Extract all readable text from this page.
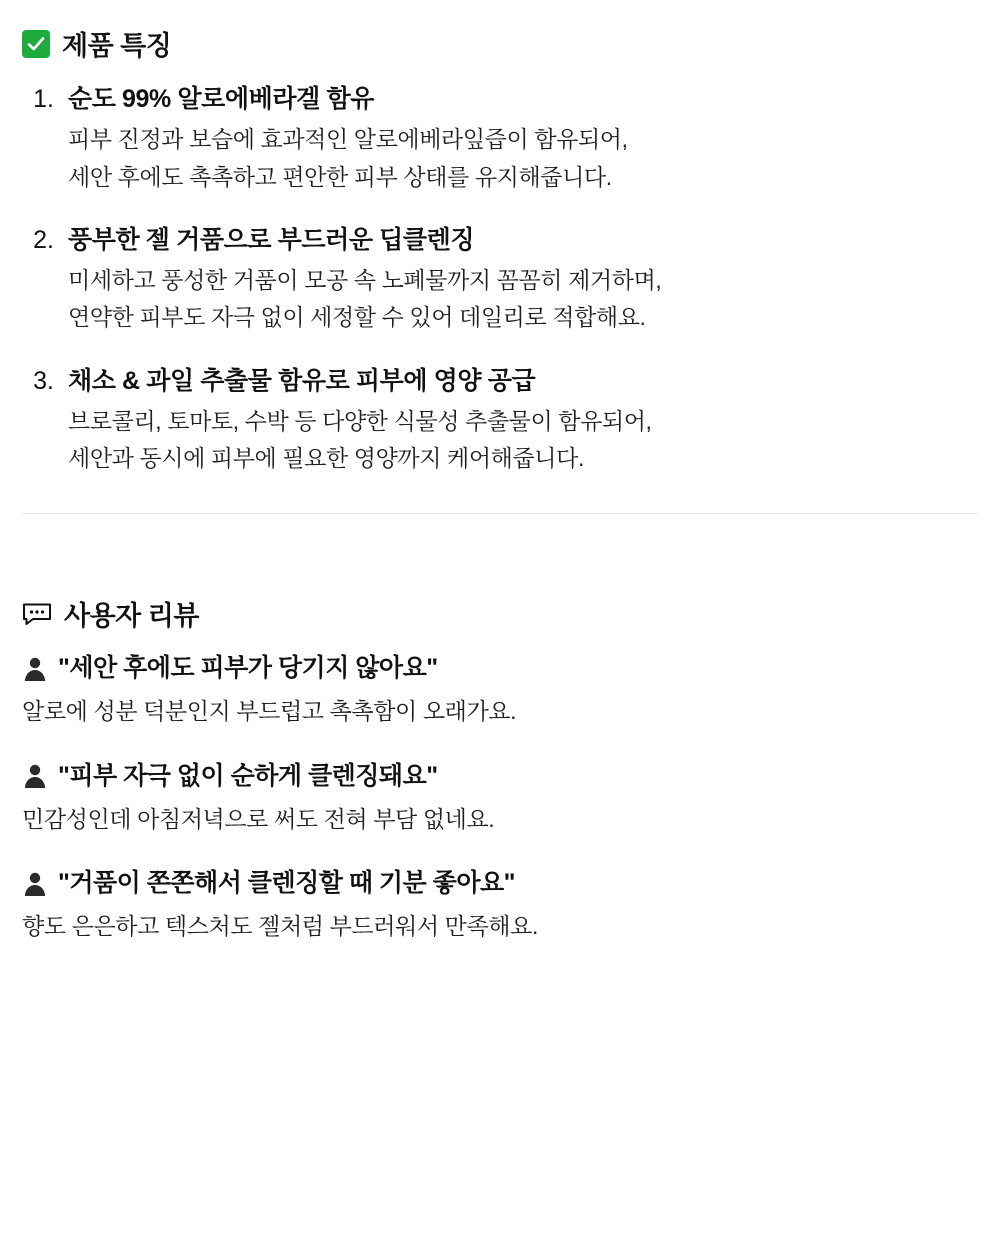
제품 특징
1. 순도 99% 알로에베라겔 함유
피부 진정과 보습에 효과적인 알로에베라잎즙이 함유되어,
세안 후에도 촉촉하고 편안한 피부 상태를 유지해줍니다.
2. 풍부한 젤 거품으로 부드러운 딥클렌징
미세하고 풍성한 거품이 모공 속 노폐물까지 꼼꼼히 제거하며,
연약한 피부도 자극 없이 세정할 수 있어 데일리로 적합해요.
3. 채소 & 과일 추출물 함유로 피부에 영양 공급
브로콜리, 토마토, 수박 등 다양한 식물성 추출물이 함유되어,
세안과 동시에 피부에 필요한 영양까지 케어해줍니다.
사용자 리뷰
"세안 후에도 피부가 당기지 않아요"
알로에 성분 덕분인지 부드럽고 촉촉함이 오래가요.
"피부 자극 없이 순하게 클렌징돼요"
민감성인데 아침저녁으로 써도 전혀 부담 없네요.
"거품이 쫀쫀해서 클렌징할 때 기분 좋아요"
향도 은은하고 텍스처도 젤처럼 부드러워서 만족해요.
